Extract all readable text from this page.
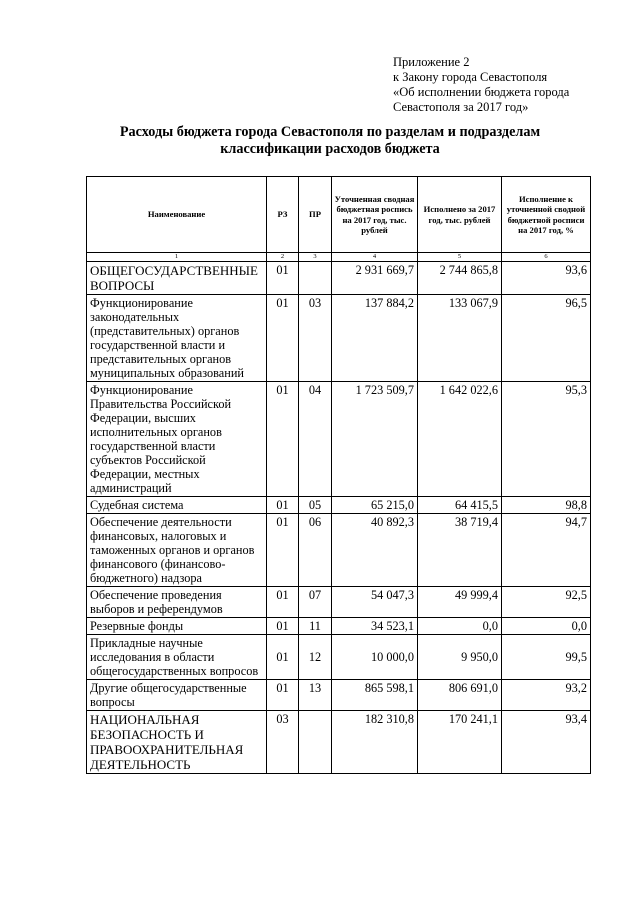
Приложение 2
к Закону города Севастополя
«Об исполнении бюджета города
Севастополя за 2017 год»
Расходы бюджета города Севастополя по разделам и подразделам
классификации расходов бюджета
Наименование	РЗ	ПР	Уточненная сводная бюджетная роспись на 2017 год, тыс. рублей	Исполнено за 2017 год, тыс. рублей	Исполнение к уточненной сводной бюджетной росписи на 2017 год, %
1	2	3	4	5	6
ОБЩЕГОСУДАРСТВЕННЫЕ ВОПРОСЫ	01		2 931 669,7	2 744 865,8	93,6
Функционирование законодательных (представительных) органов государственной власти и представительных органов муниципальных образований	01	03	137 884,2	133 067,9	96,5
Функционирование Правительства Российской Федерации, высших исполнительных органов государственной власти субъектов Российской Федерации, местных администраций	01	04	1 723 509,7	1 642 022,6	95,3
Судебная система	01	05	65 215,0	64 415,5	98,8
Обеспечение деятельности финансовых, налоговых и таможенных органов и органов финансового (финансово-бюджетного) надзора	01	06	40 892,3	38 719,4	94,7
Обеспечение проведения выборов и референдумов	01	07	54 047,3	49 999,4	92,5
Резервные фонды	01	11	34 523,1	0,0	0,0
Прикладные научные исследования в области общегосударственных вопросов	01	12	10 000,0	9 950,0	99,5
Другие общегосударственные вопросы	01	13	865 598,1	806 691,0	93,2
НАЦИОНАЛЬНАЯ БЕЗОПАСНОСТЬ И ПРАВООХРАНИТЕЛЬНАЯ ДЕЯТЕЛЬНОСТЬ	03		182 310,8	170 241,1	93,4
